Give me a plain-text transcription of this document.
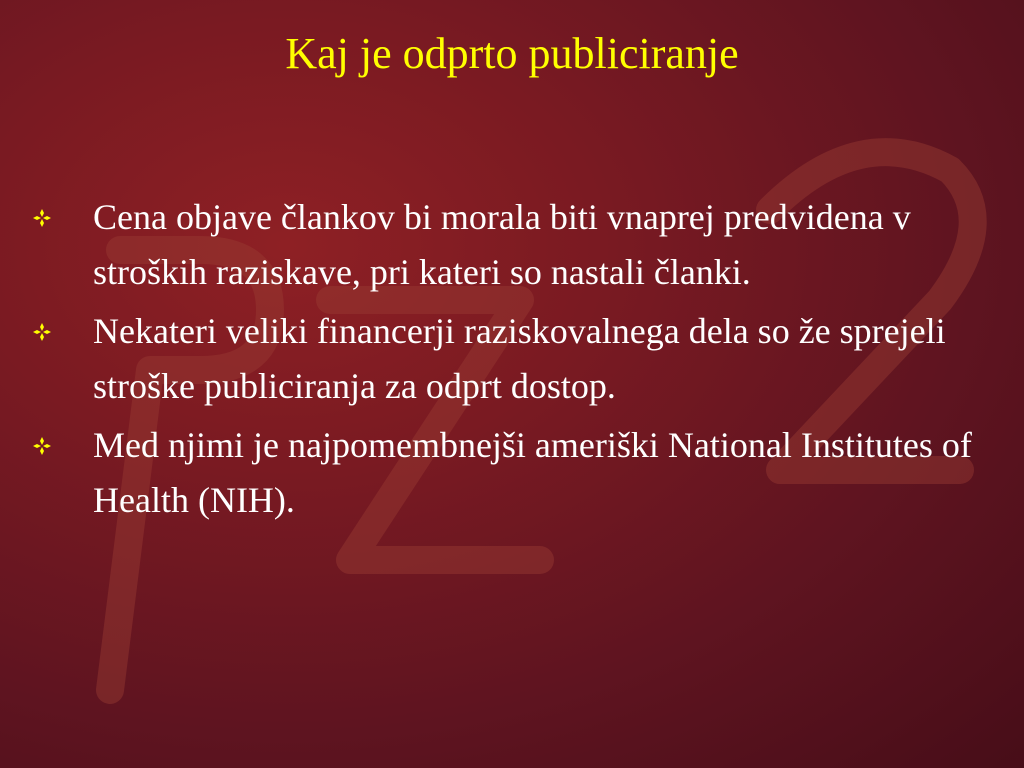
Kaj je odprto publiciranje
Cena objave člankov bi morala biti vnaprej predvidena v stroških raziskave, pri kateri so nastali članki.
Nekateri veliki financerji raziskovalnega dela so že sprejeli stroške publiciranja za odprt dostop.
Med njimi je najpomembnejši ameriški National Institutes of Health (NIH).
